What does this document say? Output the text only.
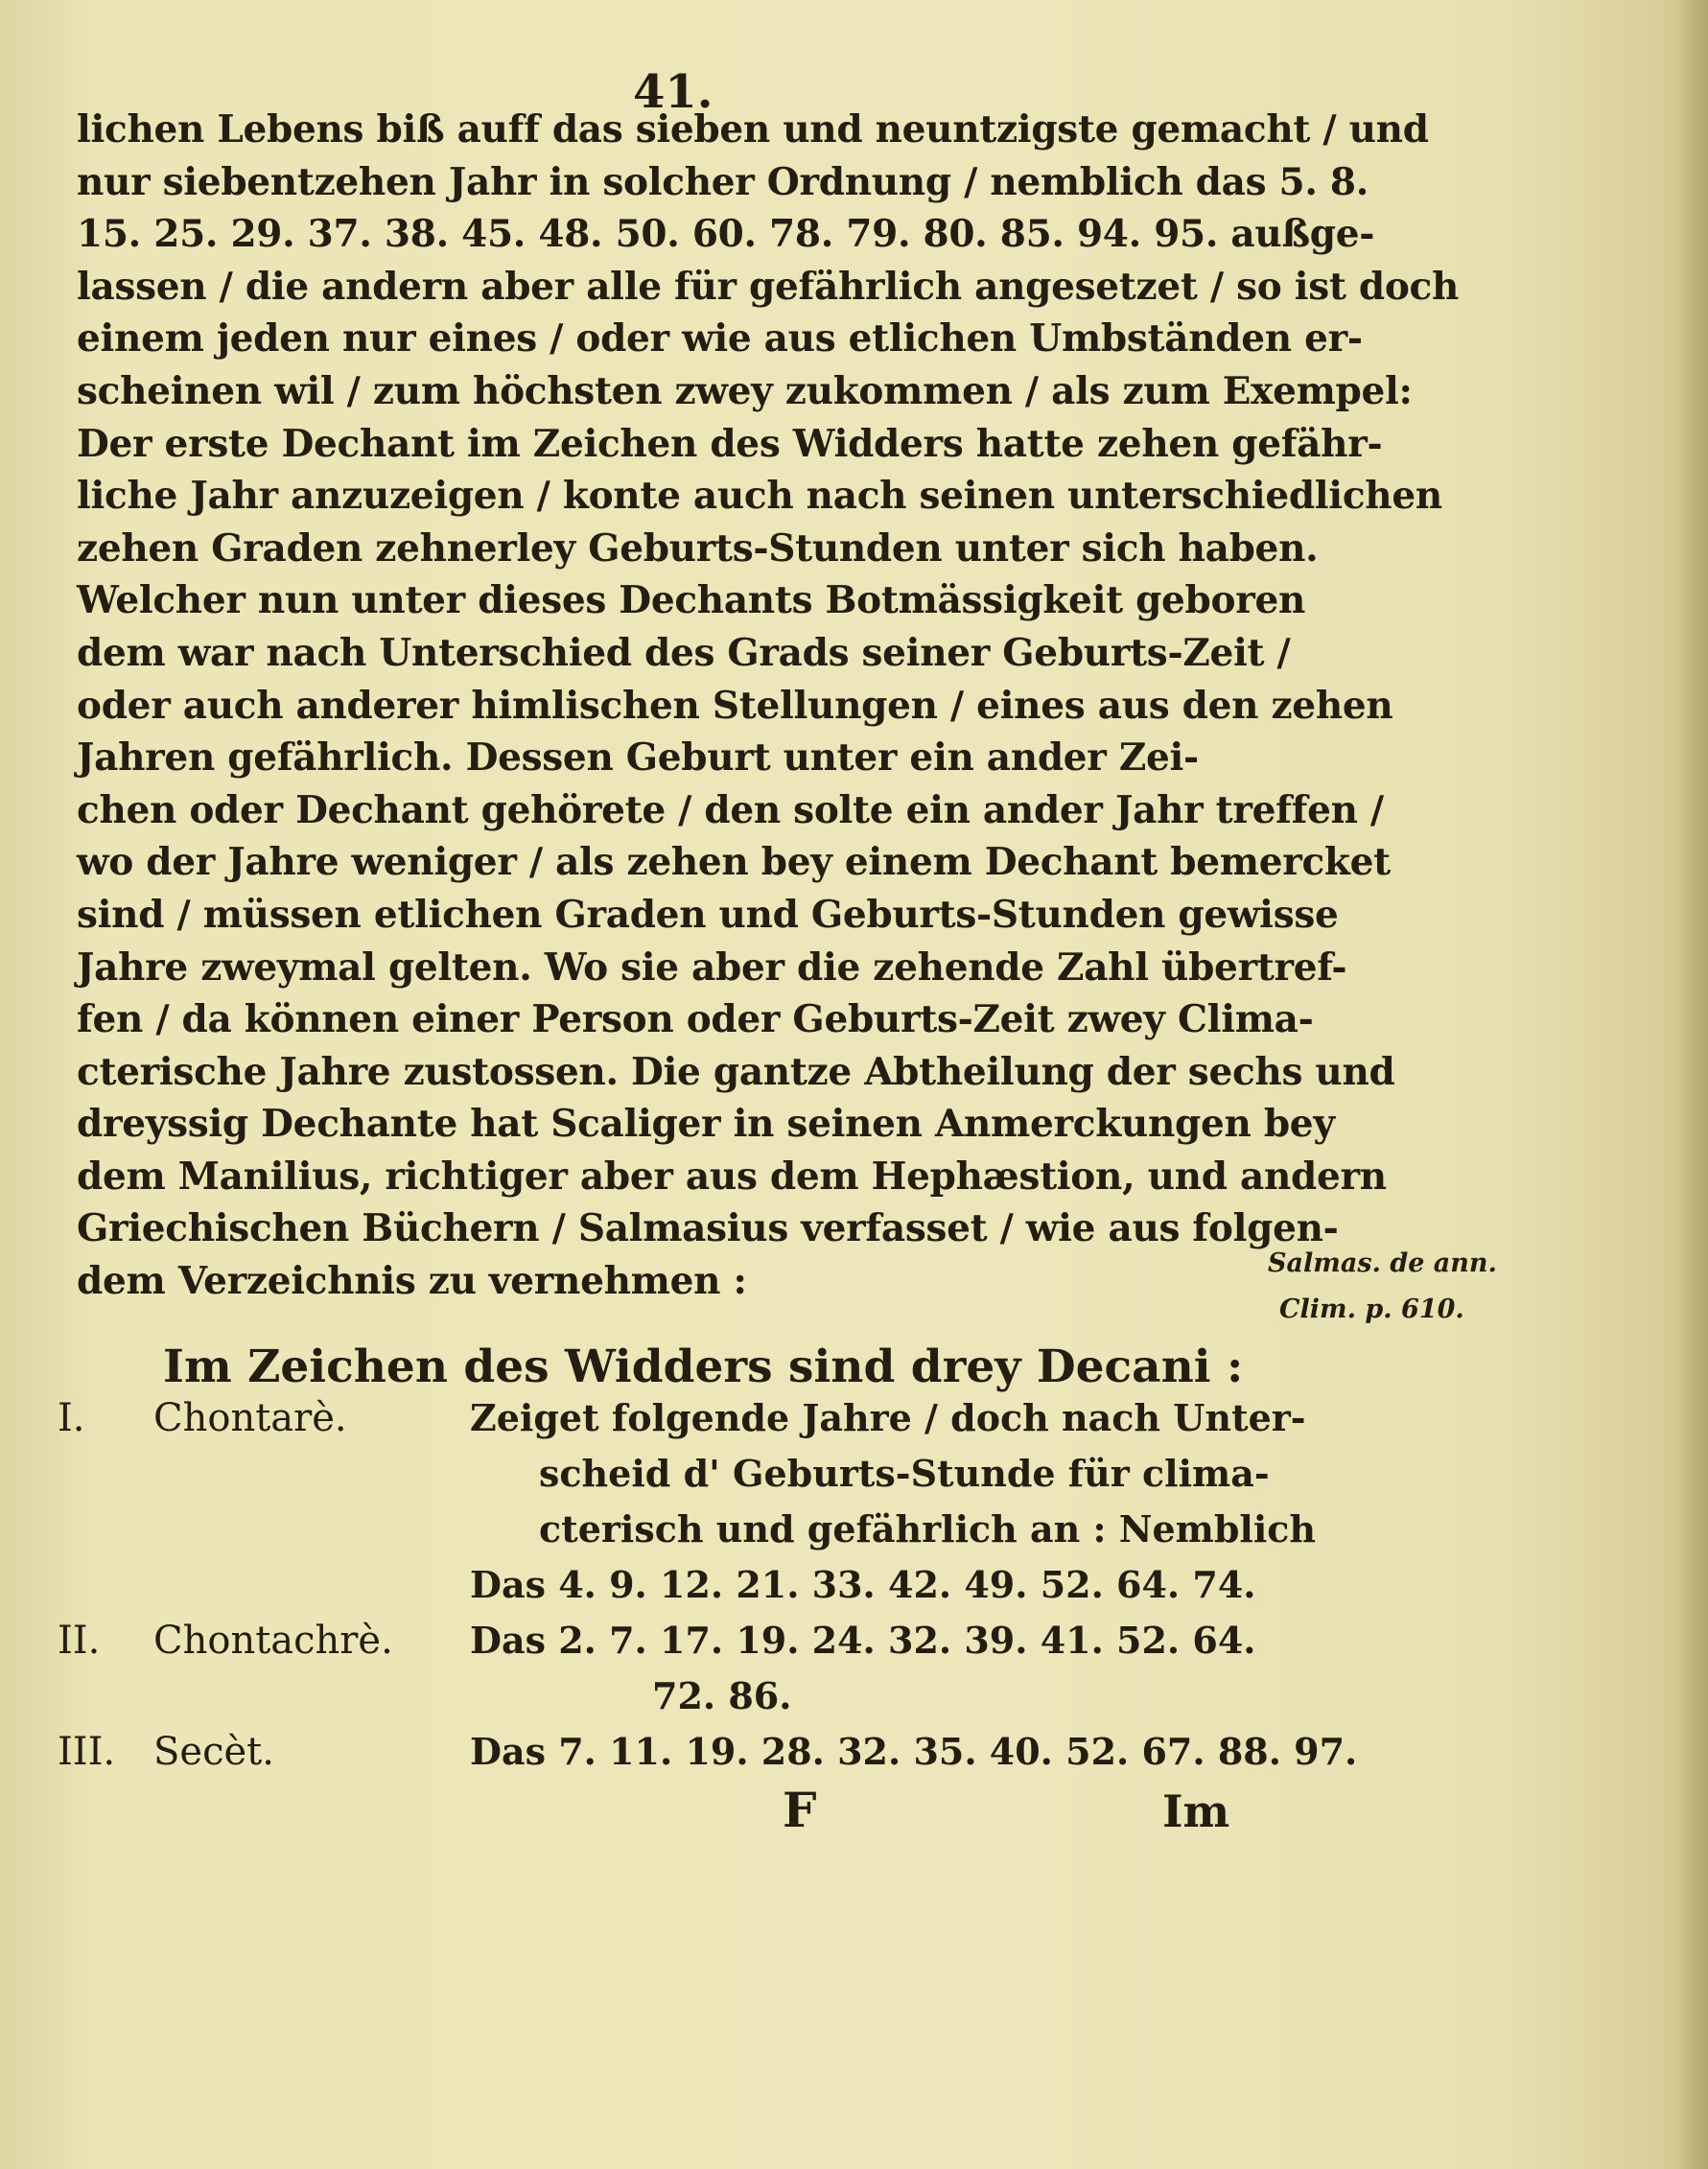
41.
lichen Lebens biß auff das sieben und neuntzigste gemacht / und
nur siebentzehen Jahr in solcher Ordnung / nemblich das 5. 8.
15. 25. 29. 37. 38. 45. 48. 50. 60. 78. 79. 80. 85. 94. 95. außge-
lassen / die andern aber alle für gefährlich angesetzet / so ist doch
einem jeden nur eines / oder wie aus etlichen Umbständen er-
scheinen wil / zum höchsten zwey zukommen / als zum Exempel:
Der erste Dechant im Zeichen des Widders hatte zehen gefähr-
liche Jahr anzuzeigen / konte auch nach seinen unterschiedlichen
zehen Graden zehnerley Geburts-Stunden unter sich haben.
Welcher nun unter dieses Dechants Botmässigkeit geboren
dem war nach Unterschied des Grads seiner Geburts-Zeit /
oder auch anderer himlischen Stellungen / eines aus den zehen
Jahren gefährlich. Dessen Geburt unter ein ander Zei-
chen oder Dechant gehörete / den solte ein ander Jahr treffen /
wo der Jahre weniger / als zehen bey einem Dechant bemercket
sind / müssen etlichen Graden und Geburts-Stunden gewisse
Jahre zweymal gelten. Wo sie aber die zehende Zahl übertref-
fen / da können einer Person oder Geburts-Zeit zwey Clima-
cterische Jahre zustossen. Die gantze Abtheilung der sechs und
dreyssig Dechante hat Scaliger in seinen Anmerckungen bey
dem Manilius, richtiger aber aus dem Hephæstion, und andern
Griechischen Büchern / Salmasius verfasset / wie aus folgen-
dem Verzeichnis zu vernehmen :	Salmas. de ann.
Clim. p. 610.
Im Zeichen des Widders sind drey Decani :
I. Chontarè.	Zeiget folgende Jahre / doch nach Unter-
scheid d' Geburts-Stunde für clima-
cterisch und gefährlich an : Nemblich
Das 4. 9. 12. 21. 33. 42. 49. 52. 64. 74.
II. Chontachrè. Das 2. 7. 17. 19. 24. 32. 39. 41. 52. 64.
72. 86.
III. Secèt.	Das 7. 11. 19. 28. 32. 35. 40. 52. 67. 88. 97.
F	Im
